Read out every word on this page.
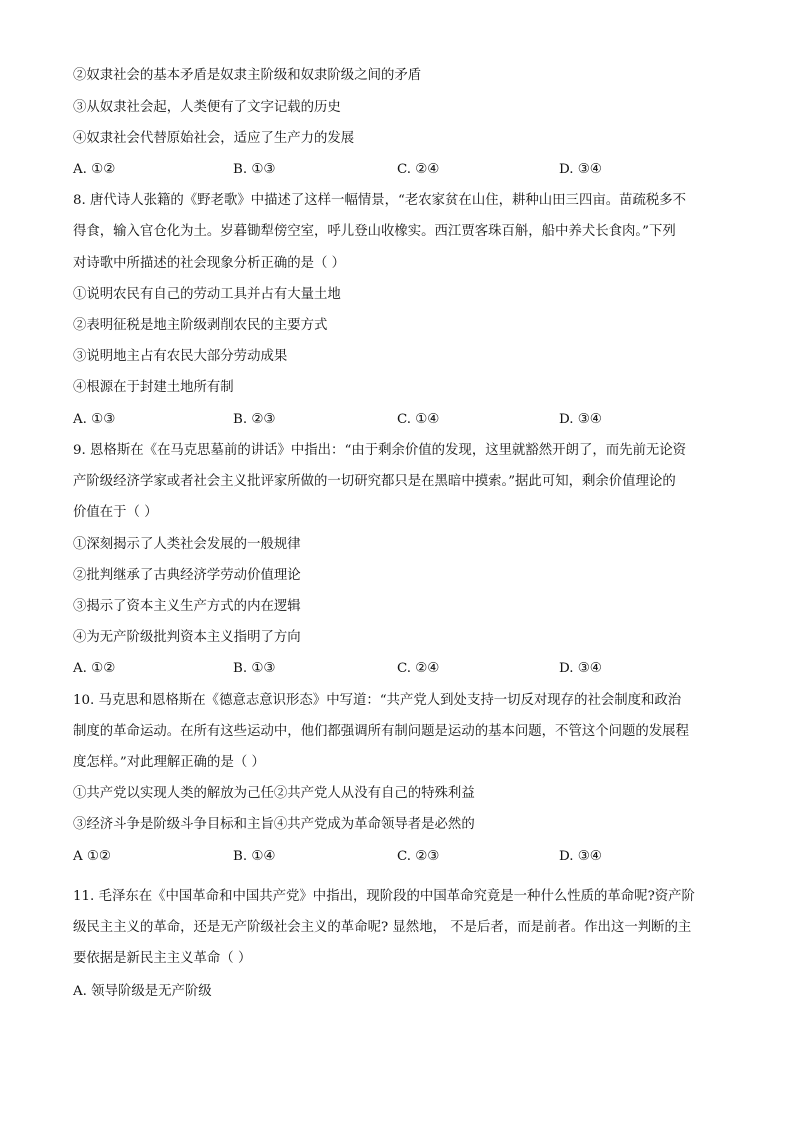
②奴隶社会的基本矛盾是奴隶主阶级和奴隶阶级之间的矛盾
③从奴隶社会起，人类便有了文字记载的历史
④奴隶社会代替原始社会，适应了生产力的发展
A. ①②	B. ①③	C. ②④	D. ③④
8. 唐代诗人张籍的《野老歌》中描述了这样一幅情景，“老农家贫在山住，耕种山田三四亩。苗疏税多不
得食，输入官仓化为土。岁暮锄犁傍空室，呼儿登山收橡实。西江贾客珠百斛，船中养犬长食肉。”下列
对诗歌中所描述的社会现象分析正确的是（ ）
①说明农民有自己的劳动工具并占有大量土地
②表明征税是地主阶级剥削农民的主要方式
③说明地主占有农民大部分劳动成果
④根源在于封建土地所有制
A. ①③	B. ②③	C. ①④	D. ③④
9. 恩格斯在《在马克思墓前的讲话》中指出：“由于剩余价值的发现，这里就豁然开朗了，而先前无论资
产阶级经济学家或者社会主义批评家所做的一切研究都只是在黑暗中摸索。”据此可知，剩余价值理论的
价值在于（ ）
①深刻揭示了人类社会发展的一般规律
②批判继承了古典经济学劳动价值理论
③揭示了资本主义生产方式的内在逻辑
④为无产阶级批判资本主义指明了方向
A. ①②	B. ①③	C. ②④	D. ③④
10. 马克思和恩格斯在《德意志意识形态》中写道：“共产党人到处支持一切反对现存的社会制度和政治
制度的革命运动。在所有这些运动中，他们都强调所有制问题是运动的基本问题，不管这个问题的发展程
度怎样。”对此理解正确的是（ ）
①共产党以实现人类的解放为己任②共产党人从没有自己的特殊利益
③经济斗争是阶级斗争目标和主旨④共产党成为革命领导者是必然的
A ①②	B. ①④	C. ②③	D. ③④
11. 毛泽东在《中国革命和中国共产党》中指出，现阶段的中国革命究竟是一种什么性质的革命呢?资产阶
级民主主义的革命，还是无产阶级社会主义的革命呢? 显然地， 不是后者，而是前者。作出这一判断的主
要依据是新民主主义革命（ ）
A. 领导阶级是无产阶级
